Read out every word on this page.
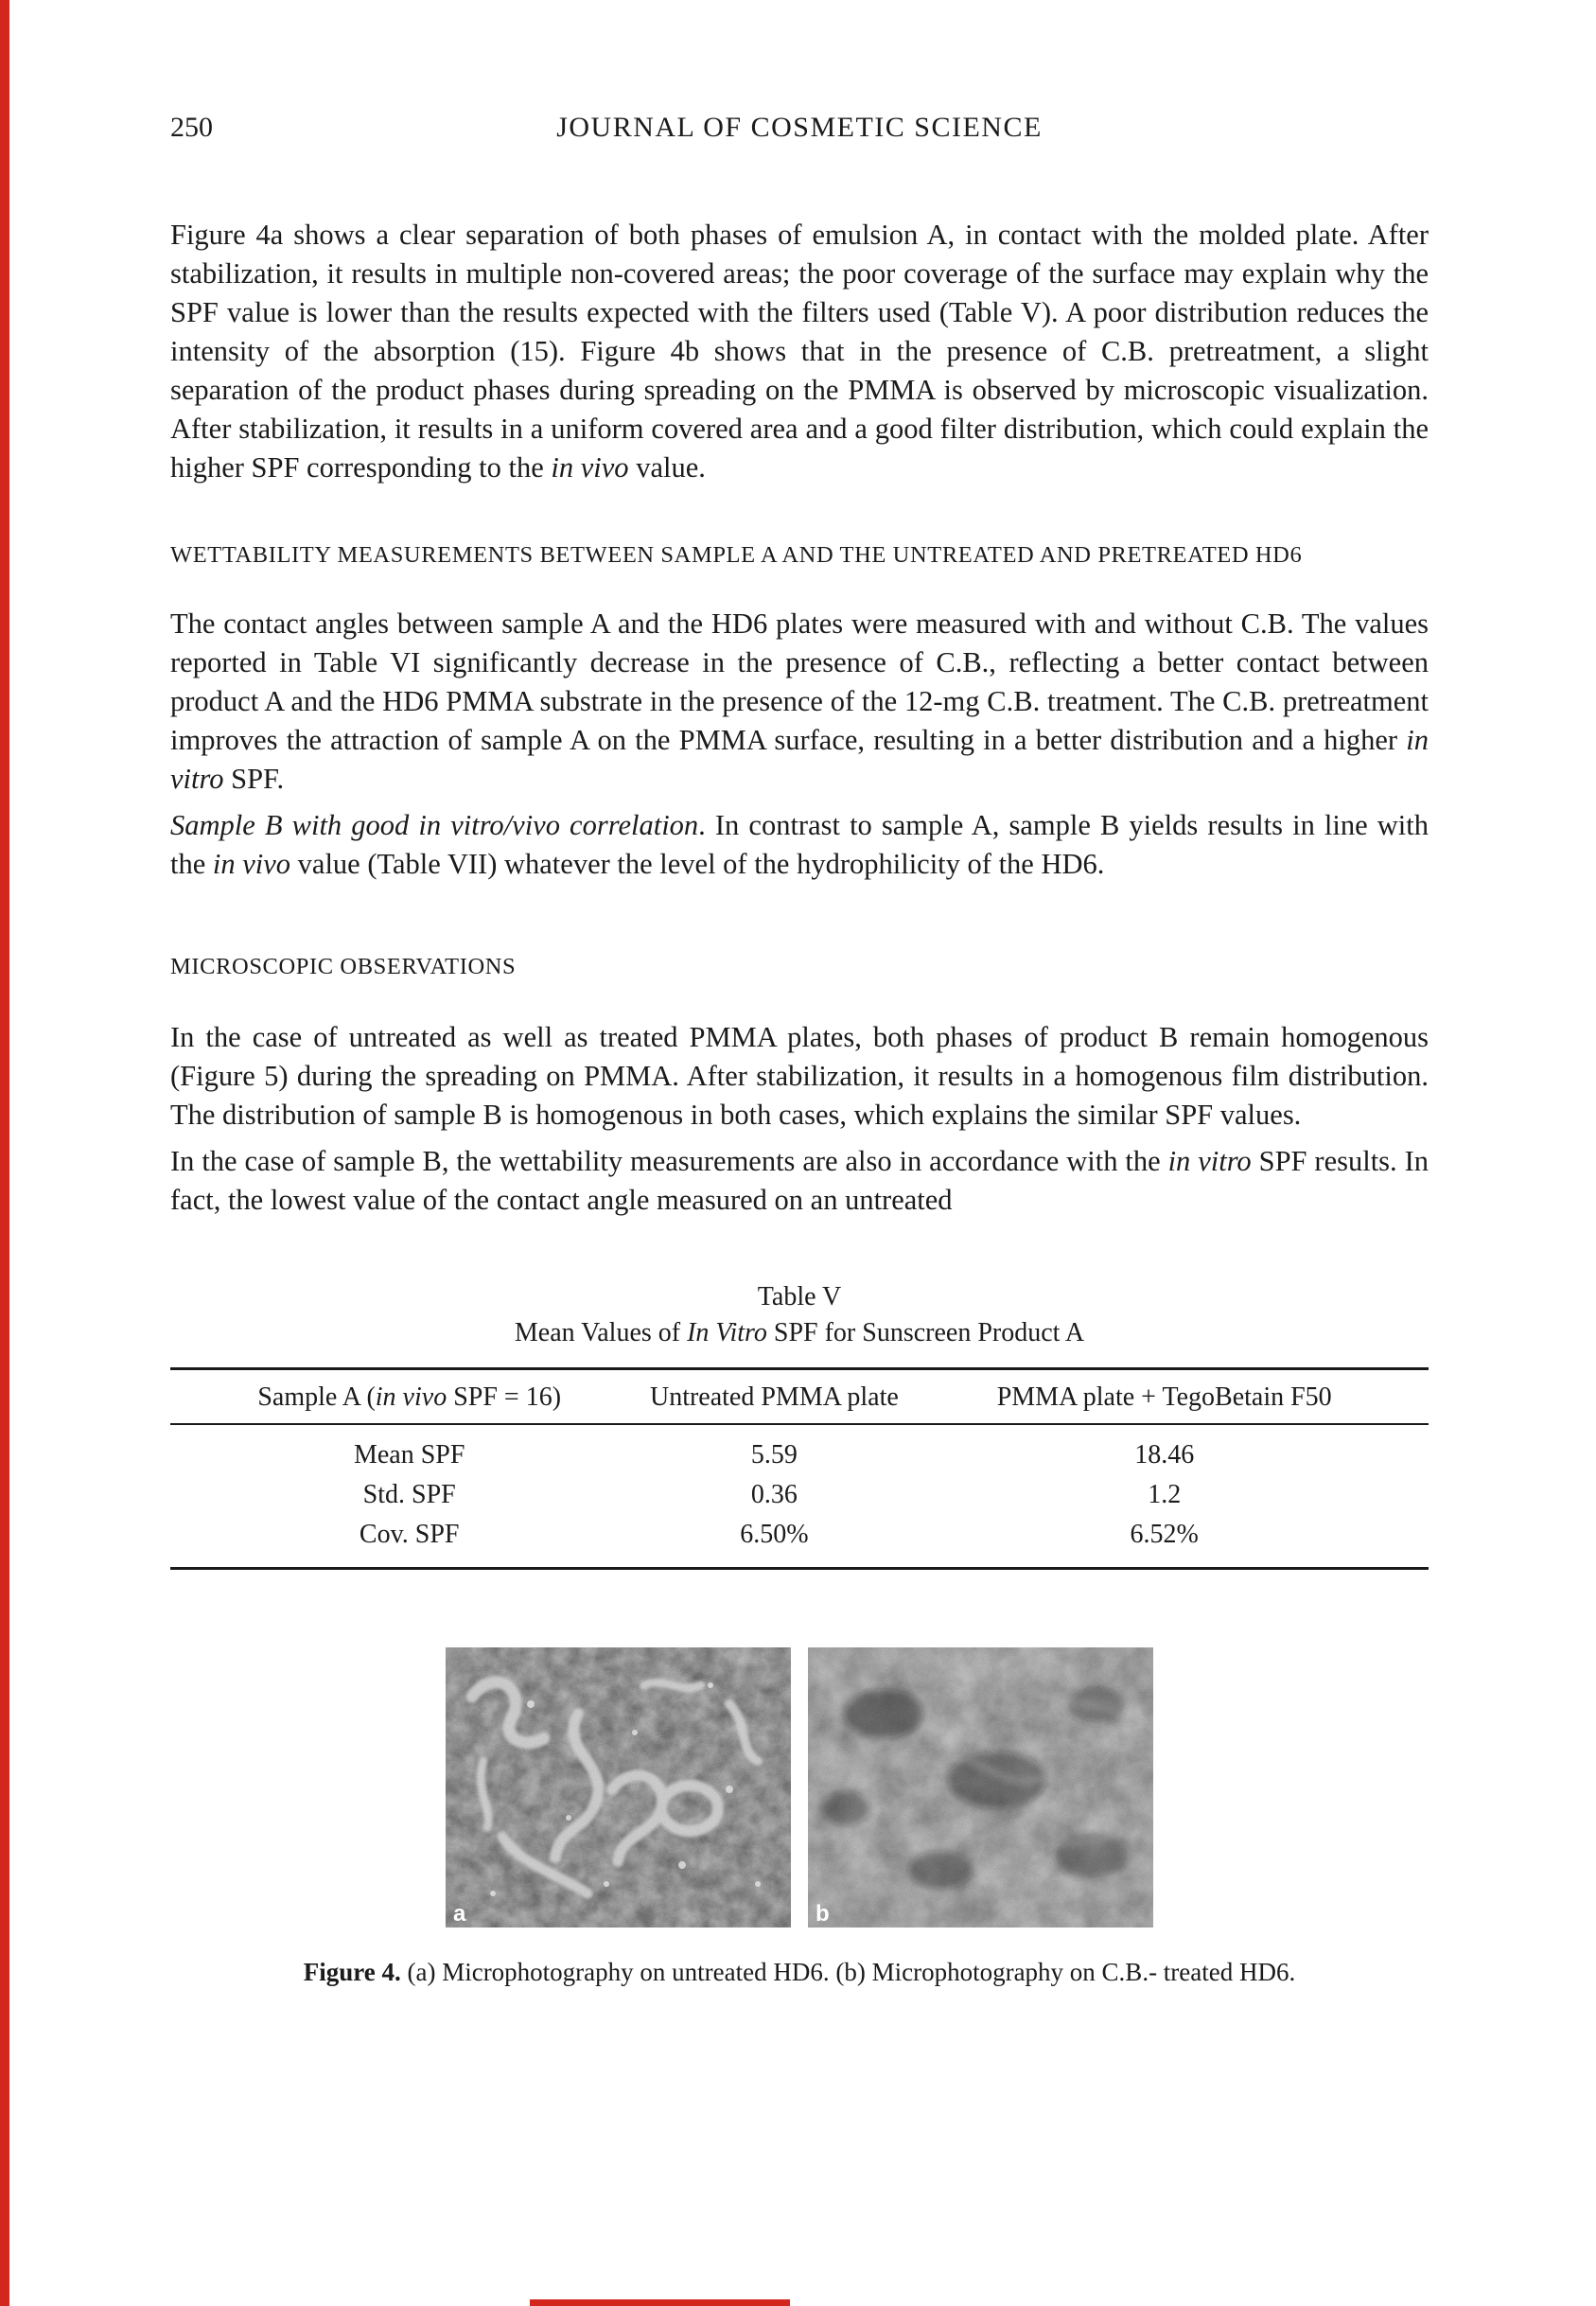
250	JOURNAL OF COSMETIC SCIENCE

Figure 4a shows a clear separation of both phases of emulsion A, in contact with the molded plate. After stabilization, it results in multiple non-covered areas; the poor coverage of the surface may explain why the SPF value is lower than the results expected with the filters used (Table V). A poor distribution reduces the intensity of the absorption (15). Figure 4b shows that in the presence of C.B. pretreatment, a slight separation of the product phases during spreading on the PMMA is observed by microscopic visualization. After stabilization, it results in a uniform covered area and a good filter distribution, which could explain the higher SPF corresponding to the in vivo value.

WETTABILITY MEASUREMENTS BETWEEN SAMPLE A AND THE UNTREATED AND PRETREATED HD6

The contact angles between sample A and the HD6 plates were measured with and without C.B. The values reported in Table VI significantly decrease in the presence of C.B., reflecting a better contact between product A and the HD6 PMMA substrate in the presence of the 12-mg C.B. treatment. The C.B. pretreatment improves the attraction of sample A on the PMMA surface, resulting in a better distribution and a higher in vitro SPF.

Sample B with good in vitro/vivo correlation. In contrast to sample A, sample B yields results in line with the in vivo value (Table VII) whatever the level of the hydrophilicity of the HD6.

MICROSCOPIC OBSERVATIONS

In the case of untreated as well as treated PMMA plates, both phases of product B remain homogenous (Figure 5) during the spreading on PMMA. After stabilization, it results in a homogenous film distribution. The distribution of sample B is homogenous in both cases, which explains the similar SPF values.

In the case of sample B, the wettability measurements are also in accordance with the in vitro SPF results. In fact, the lowest value of the contact angle measured on an untreated

Table V
Mean Values of In Vitro SPF for Sunscreen Product A
Sample A (in vivo SPF = 16)	Untreated PMMA plate	PMMA plate + TegoBetain F50
Mean SPF	5.59	18.46
Std. SPF	0.36	1.2
Cov. SPF	6.50%	6.52%
a	b

Figure 4. (a) Microphotography on untreated HD6. (b) Microphotography on C.B.- treated HD6.
